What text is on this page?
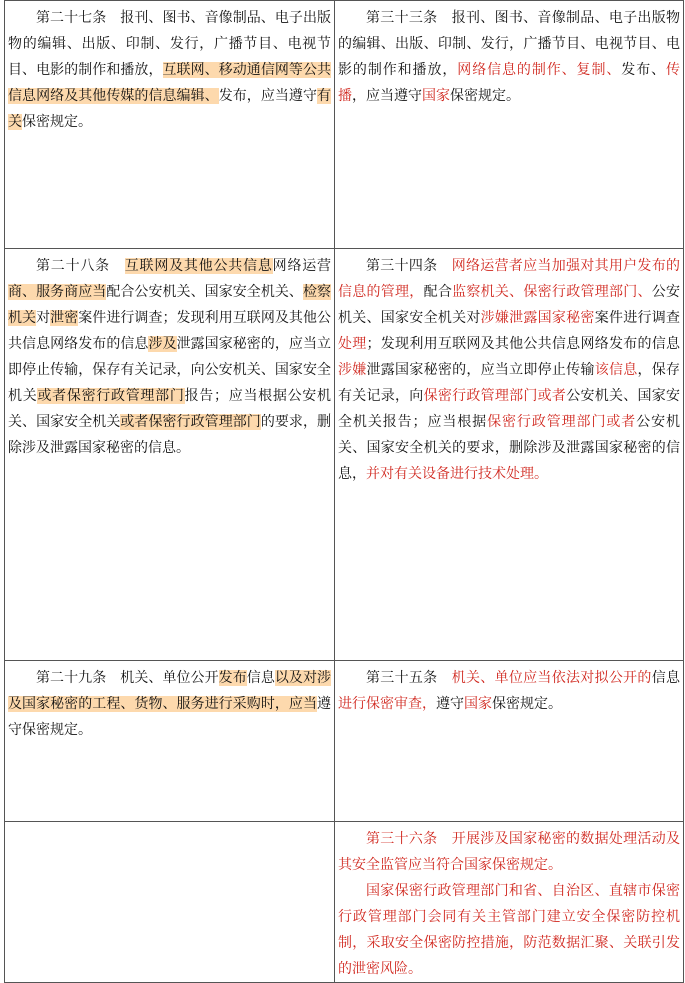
第二十七条　报刊、图书、音像制品、电子出版物的编辑、出版、印制、发行，广播节目、电视节目、电影的制作和播放，互联网、移动通信网等公共信息网络及其他传媒的信息编辑、发布，应当遵守有关保密规定。	第三十三条　报刊、图书、音像制品、电子出版物的编辑、出版、印制、发行，广播节目、电视节目、电影的制作和播放，网络信息的制作、复制、发布、传播，应当遵守国家保密规定。

第二十八条　互联网及其他公共信息网络运营商、服务商应当配合公安机关、国家安全机关、检察机关对泄密案件进行调查；发现利用互联网及其他公共信息网络发布的信息涉及泄露国家秘密的，应当立即停止传输，保存有关记录，向公安机关、国家安全机关或者保密行政管理部门报告；应当根据公安机关、国家安全机关或者保密行政管理部门的要求，删除涉及泄露国家秘密的信息。	第三十四条　网络运营者应当加强对其用户发布的信息的管理，配合监察机关、保密行政管理部门、公安机关、国家安全机关对涉嫌泄露国家秘密案件进行调查处理；发现利用互联网及其他公共信息网络发布的信息涉嫌泄露国家秘密的，应当立即停止传输该信息，保存有关记录，向保密行政管理部门或者公安机关、国家安全机关报告；应当根据保密行政管理部门或者公安机关、国家安全机关的要求，删除涉及泄露国家秘密的信息，并对有关设备进行技术处理。

第二十九条　机关、单位公开发布信息以及对涉及国家秘密的工程、货物、服务进行采购时，应当遵守保密规定。	第三十五条　机关、单位应当依法对拟公开的信息进行保密审查，遵守国家保密规定。

	第三十六条　开展涉及国家秘密的数据处理活动及其安全监管应当符合国家保密规定。

国家保密行政管理部门和省、自治区、直辖市保密行政管理部门会同有关主管部门建立安全保密防控机制，采取安全保密防控措施，防范数据汇聚、关联引发的泄密风险。
